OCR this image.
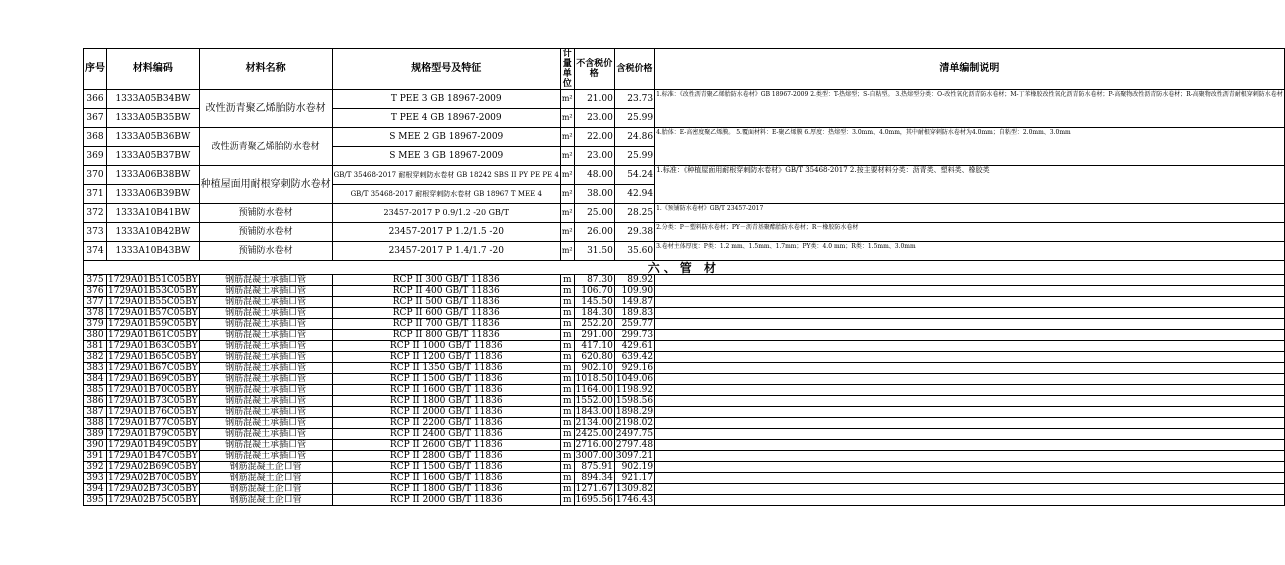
序号	材料编码	材料名称	规格型号及特征	计量单位	不含税价 格	含税价格	清单编制说明
366	1333A05B34BW	改性沥青聚乙烯胎防水卷材	T PEE 3 GB 18967-2009	m²	21.00	23.73	1.标准：《改性沥青聚乙烯胎防水卷材》GB 18967-2009 2.类型：T-热熔型；S-自粘型。 3.热熔型分类：O-改性氧化沥青防水卷材；M-丁苯橡胶改性氧化沥青防水卷材；P-高聚物改性沥青防水卷材；R-高聚物改性沥青耐根穿刺防水卷材
367	1333A05B35BW		T PEE 4 GB 18967-2009	m²	23.00	25.99	
368	1333A05B36BW	改性沥青聚乙烯胎防水卷材	S MEE 2 GB 18967-2009	m²	22.00	24.86	4.胎体：E-高密度聚乙烯膜。 5.覆面材料：E-聚乙烯膜 6.厚度：热熔型：3.0mm、4.0mm，其中耐根穿刺防水卷材为4.0mm；自粘型：2.0mm、3.0mm
369	1333A05B37BW		S MEE 3 GB 18967-2009	m²	23.00	25.99	
370	1333A06B38BW	种植屋面用耐根穿刺防水卷材	GB/T 35468-2017 耐根穿刺防水卷材 GB 18242 SBS II PY PE PE 4	m²	48.00	54.24	1.标准：《种植屋面用耐根穿刺防水卷材》GB/T 35468-2017 2.按主要材料分类：沥青类、塑料类、橡胶类
371	1333A06B39BW		GB/T 35468-2017 耐根穿刺防水卷材 GB 18967 T MEE 4	m²	38.00	42.94	
372	1333A10B41BW	预铺防水卷材	23457-2017 P 0.9/1.2 -20 GB/T	m²	25.00	28.25	1.《预铺防水卷材》GB/T 23457-2017
373	1333A10B42BW	预铺防水卷材	23457-2017 P 1.2/1.5 -20	m²	26.00	29.38	2.分类：P－塑料防水卷材；PY－沥青基聚酯胎防水卷材；R－橡胶防水卷材
374	1333A10B43BW	预铺防水卷材	23457-2017 P 1.4/1.7 -20	m²	31.50	35.60	3.卷材主体厚度：P类：1.2 mm、1.5mm、1.7mm；PY类：4.0 mm；R类：1.5mm、3.0mm
六、管 材							
375	1729A01B51C05BY	钢筋混凝土承插口管	RCP II 300 GB/T 11836	m	87.30	89.92	
376	1729A01B53C05BY	钢筋混凝土承插口管	RCP II 400 GB/T 11836	m	106.70	109.90	
377	1729A01B55C05BY	钢筋混凝土承插口管	RCP II 500 GB/T 11836	m	145.50	149.87	
378	1729A01B57C05BY	钢筋混凝土承插口管	RCP II 600 GB/T 11836	m	184.30	189.83	
379	1729A01B59C05BY	钢筋混凝土承插口管	RCP II 700 GB/T 11836	m	252.20	259.77	
380	1729A01B61C05BY	钢筋混凝土承插口管	RCP II 800 GB/T 11836	m	291.00	299.73	
381	1729A01B63C05BY	钢筋混凝土承插口管	RCP II 1000 GB/T 11836	m	417.10	429.61	
382	1729A01B65C05BY	钢筋混凝土承插口管	RCP II 1200 GB/T 11836	m	620.80	639.42	
383	1729A01B67C05BY	钢筋混凝土承插口管	RCP II 1350 GB/T 11836	m	902.10	929.16	
384	1729A01B69C05BY	钢筋混凝土承插口管	RCP II 1500 GB/T 11836	m	1018.50	1049.06	
385	1729A01B70C05BY	钢筋混凝土承插口管	RCP II 1600 GB/T 11836	m	1164.00	1198.92	
386	1729A01B73C05BY	钢筋混凝土承插口管	RCP II 1800 GB/T 11836	m	1552.00	1598.56	
387	1729A01B76C05BY	钢筋混凝土承插口管	RCP II 2000 GB/T 11836	m	1843.00	1898.29	
388	1729A01B77C05BY	钢筋混凝土承插口管	RCP II 2200 GB/T 11836	m	2134.00	2198.02	
389	1729A01B79C05BY	钢筋混凝土承插口管	RCP II 2400 GB/T 11836	m	2425.00	2497.75	
390	1729A01B49C05BY	钢筋混凝土承插口管	RCP II 2600 GB/T 11836	m	2716.00	2797.48	
391	1729A01B47C05BY	钢筋混凝土承插口管	RCP II 2800 GB/T 11836	m	3007.00	3097.21	
392	1729A02B69C05BY	钢筋混凝土企口管	RCP II 1500 GB/T 11836	m	875.91	902.19	
393	1729A02B70C05BY	钢筋混凝土企口管	RCP II 1600 GB/T 11836	m	894.34	921.17	
394	1729A02B73C05BY	钢筋混凝土企口管	RCP II 1800 GB/T 11836	m	1271.67	1309.82	
395	1729A02B75C05BY	钢筋混凝土企口管	RCP II 2000 GB/T 11836	m	1695.56	1746.43	
